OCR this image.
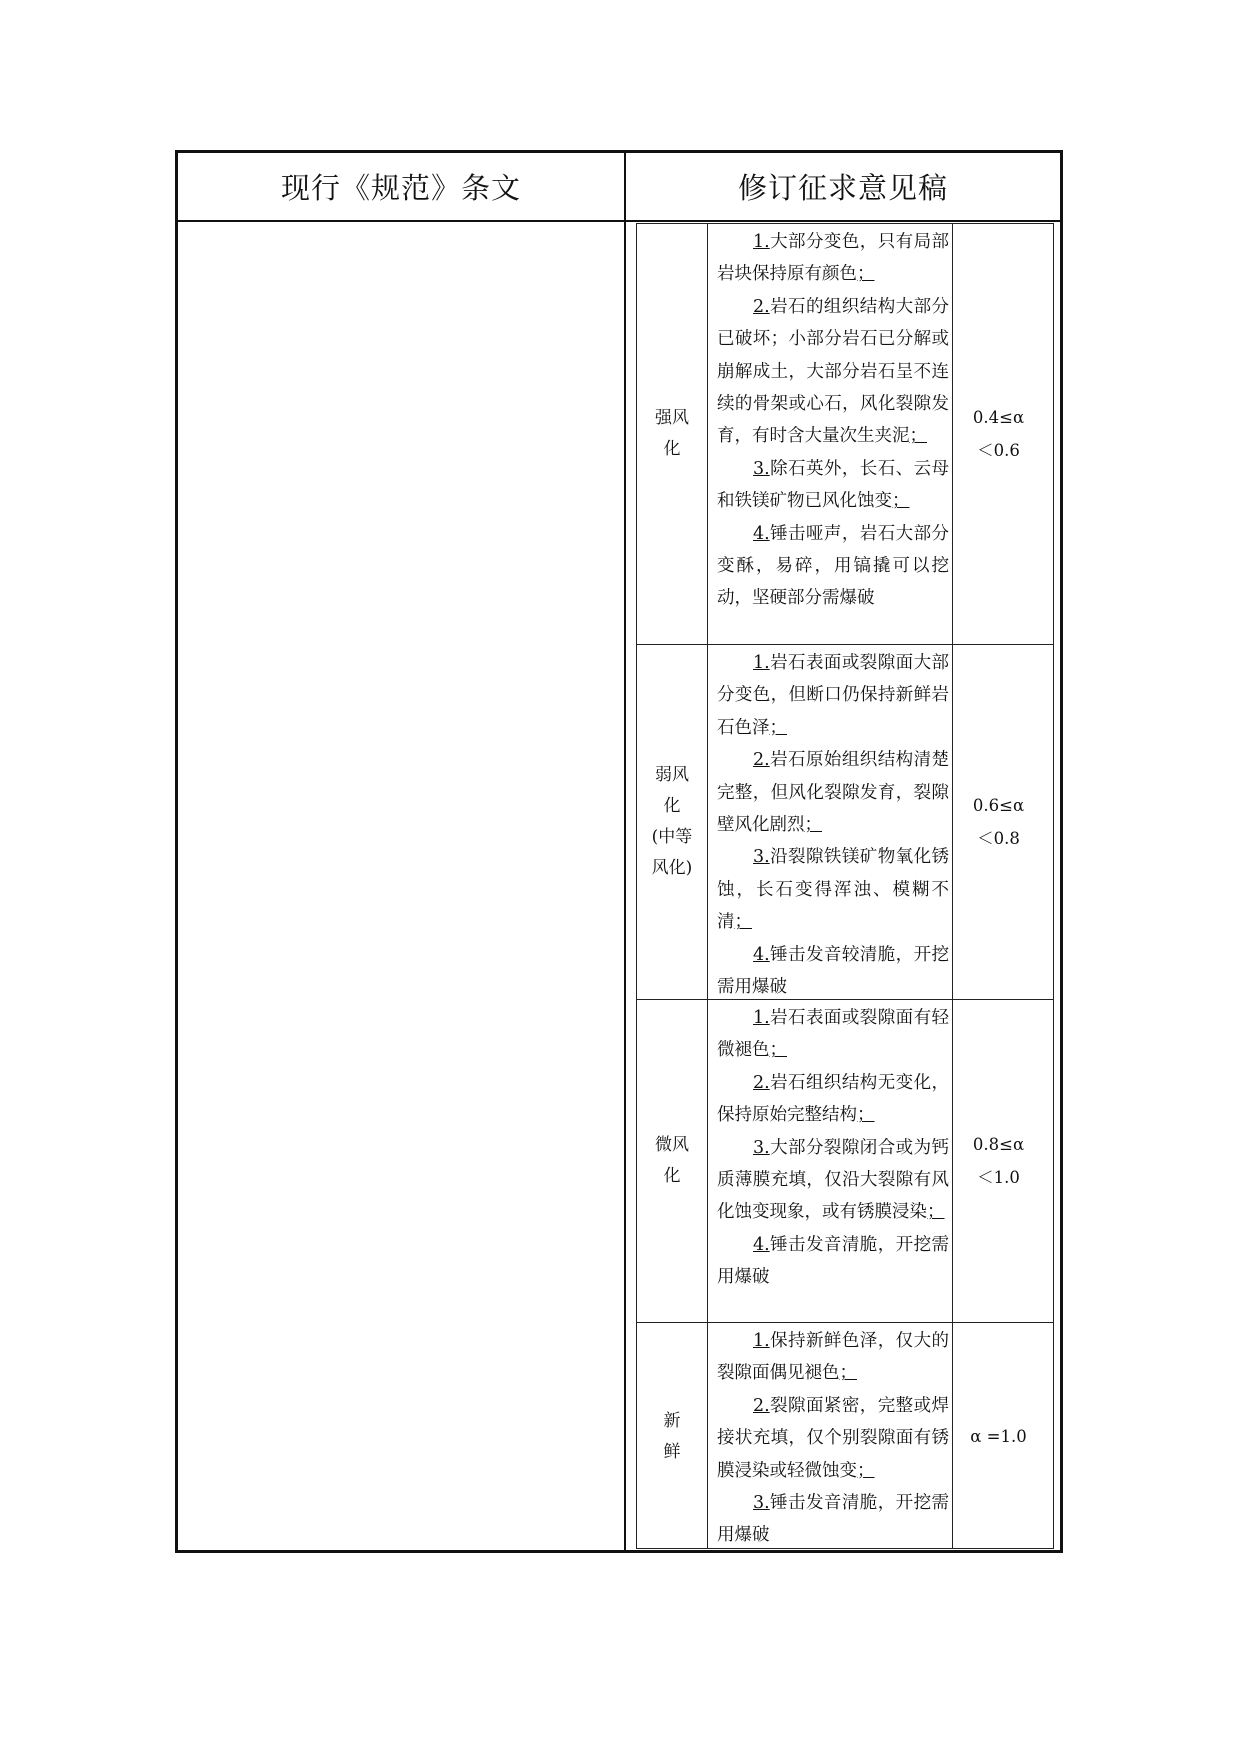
现行《规范》条文	修订征求意见稿
强风
化

1.大部分变色，只有局部岩块保持原有颜色；

2.岩石的组织结构大部分已破坏；小部分岩石已分解或崩解成土，大部分岩石呈不连续的骨架或心石，风化裂隙发育，有时含大量次生夹泥；

3.除石英外，长石、云母和铁镁矿物已风化蚀变；

4.锤击哑声，岩石大部分变酥，易碎，用镐撬可以挖动，坚硬部分需爆破

0.4≤α
＜0.6
弱风
化
(中等
风化)

1.岩石表面或裂隙面大部分变色，但断口仍保持新鲜岩石色泽；

2.岩石原始组织结构清楚完整，但风化裂隙发育，裂隙壁风化剧烈；

3.沿裂隙铁镁矿物氧化锈蚀，长石变得浑浊、模糊不清；

4.锤击发音较清脆，开挖需用爆破

0.6≤α
＜0.8
微风
化

1.岩石表面或裂隙面有轻微褪色；

2.岩石组织结构无变化，保持原始完整结构；

3.大部分裂隙闭合或为钙质薄膜充填，仅沿大裂隙有风化蚀变现象，或有锈膜浸染；

4.锤击发音清脆，开挖需用爆破

0.8≤α
＜1.0
新
鲜

1.保持新鲜色泽，仅大的裂隙面偶见褪色；

2.裂隙面紧密，完整或焊接状充填，仅个别裂隙面有锈膜浸染或轻微蚀变；

3.锤击发音清脆，开挖需用爆破

α =1.0
